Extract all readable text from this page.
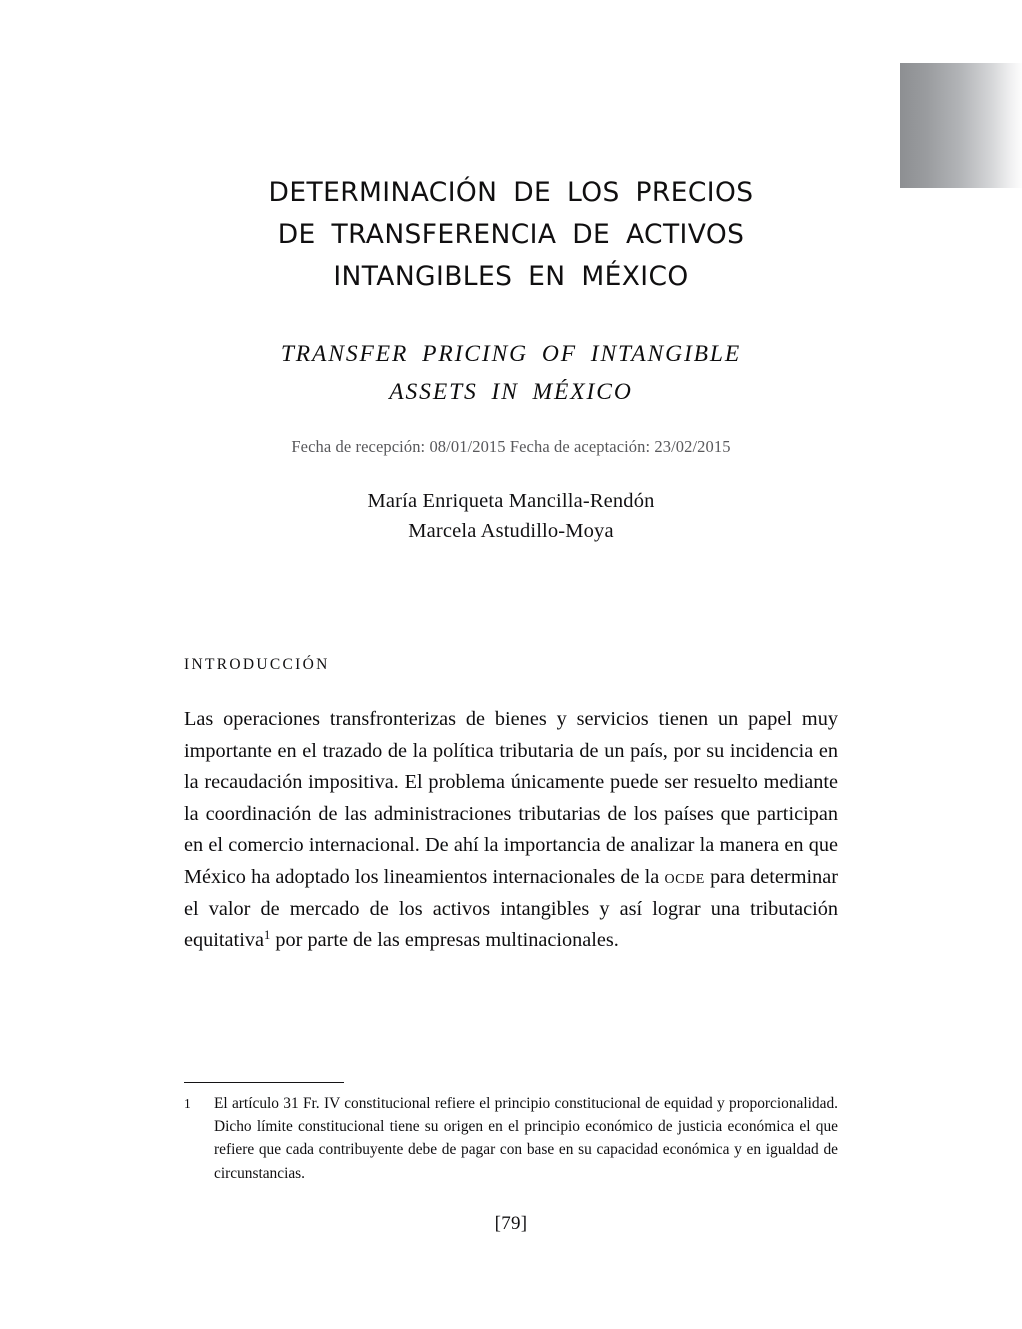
DETERMINACIÓN DE LOS PRECIOS
DE TRANSFERENCIA DE ACTIVOS
INTANGIBLES EN MÉXICO
TRANSFER PRICING OF INTANGIBLE
ASSETS IN MÉXICO
Fecha de recepción: 08/01/2015 Fecha de aceptación: 23/02/2015
María Enriqueta Mancilla-Rendón
Marcela Astudillo-Moya
INTRODUCCIÓN

Las operaciones transfronterizas de bienes y servicios tienen un papel muy importante en el trazado de la política tributaria de un país, por su incidencia en la recaudación impositiva. El problema únicamente puede ser resuelto mediante la coordinación de las administraciones tributarias de los países que participan en el comercio internacional. De ahí la importancia de analizar la manera en que México ha adoptado los lineamientos internacionales de la ocde para determinar el valor de mercado de los activos intangibles y así lograr una tributación equitativa$^1$ por parte de las empresas multinacionales.

1	El artículo 31 Fr. IV constitucional refiere el principio constitucional de equidad y proporcionalidad. Dicho límite constitucional tiene su origen en el principio económico de justicia económica el que refiere que cada contribuyente debe de pagar con base en su capacidad económica y en igualdad de circunstancias.
[79]
